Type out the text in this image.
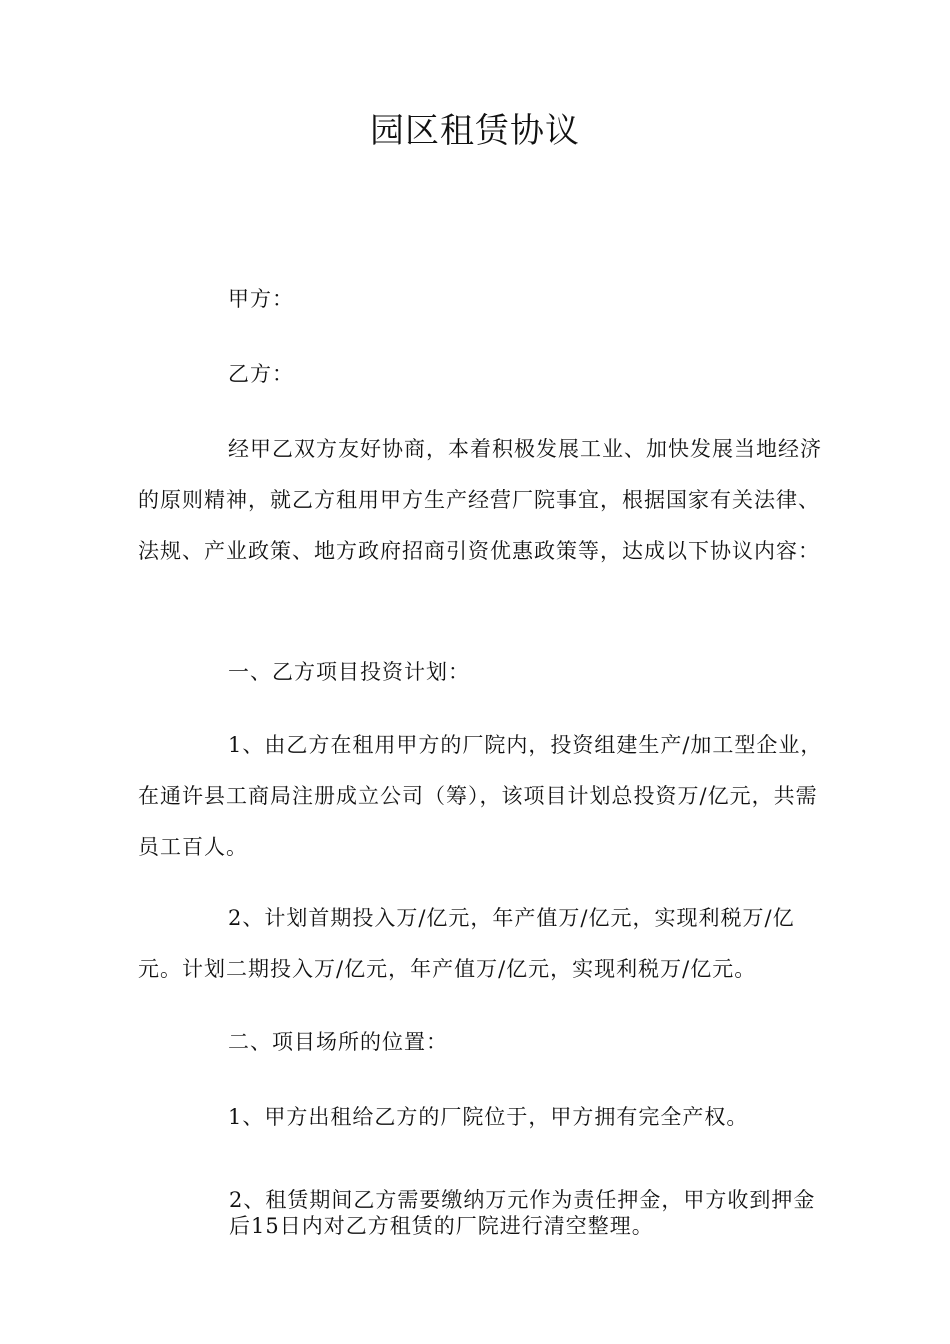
园区租赁协议

甲方：

乙方：

经甲乙双方友好协商，本着积极发展工业、加快发展当地经济的原则精神，就乙方租用甲方生产经营厂院事宜，根据国家有关法律、法规、产业政策、地方政府招商引资优惠政策等，达成以下协议内容：

一、乙方项目投资计划：

1、由乙方在租用甲方的厂院内，投资组建生产/加工型企业，在通许县工商局注册成立公司（筹），该项目计划总投资万/亿元，共需员工百人。

2、计划首期投入万/亿元，年产值万/亿元，实现利税万/亿元。计划二期投入万/亿元，年产值万/亿元，实现利税万/亿元。

二、项目场所的位置：

1、甲方出租给乙方的厂院位于，甲方拥有完全产权。

2、租赁期间乙方需要缴纳万元作为责任押金，甲方收到押金后15日内对乙方租赁的厂院进行清空整理。
